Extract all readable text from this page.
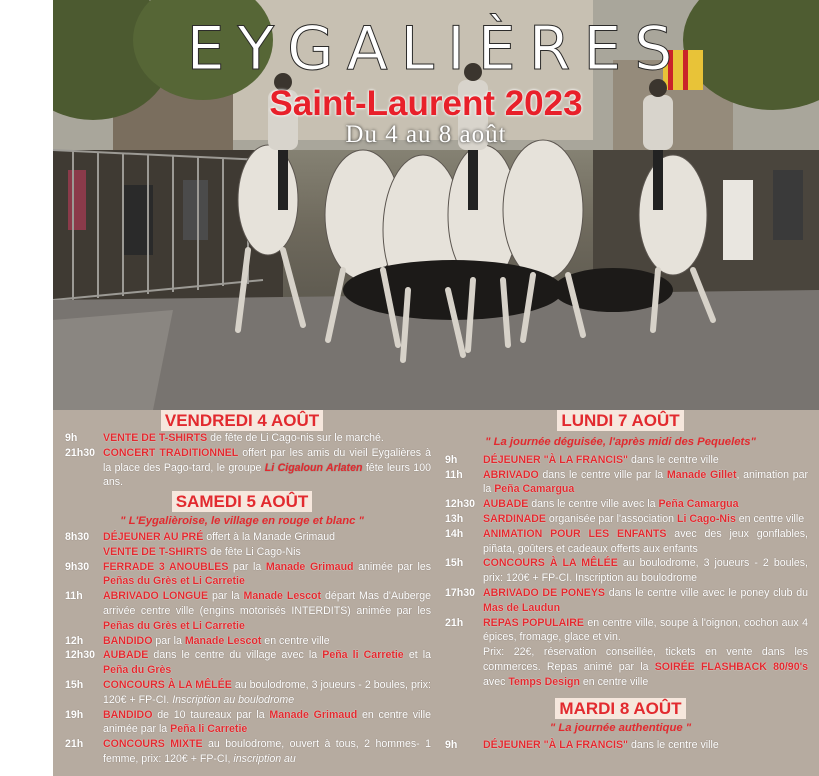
EYGALIÈRES
Saint-Laurent 2023
Du 4 au 8 août
VENDREDI 4 AOÛT
9h	VENTE DE T-SHIRTS de fête de Li Cago-nis sur le marché.
21h30 CONCERT TRADITIONNEL offert par les amis du vieil Eygalières à la place des Pago-tard, le groupe Li Cigaloun Arlaten fête leurs 100 ans.
SAMEDI 5 AOÛT
" L'Eygalièroise, le village en rouge et blanc "
8h30	DÉJEUNER AU PRÉ offert à la Manade Grimaud
VENTE DE T-SHIRTS de fête Li Cago-Nis
9h30	FERRADE 3 ANOUBLES par la Manade Grimaud animée par les Peñas du Grès et Li Carretie
11h	ABRIVADO LONGUE par la Manade Lescot départ Mas d'Auberge arrivée centre ville (engins motorisés INTERDITS) animée par les Peñas du Grès et Li Carretie
12h	BANDIDO par la Manade Lescot en centre ville
12h30 AUBADE dans le centre du village avec la Peña li Carretie et la Peña du Grès
15h	CONCOURS À LA MÊLÉE au boulodrome, 3 joueurs - 2 boules, prix: 120€ + FP-CI. Inscription au boulodrome
19h	BANDIDO de 10 taureaux par la Manade Grimaud en centre ville animée par la Peña li Carretie
21h	CONCOURS MIXTE au boulodrome, ouvert à tous, 2 hommes- 1 femme, prix: 120€ + FP-CI, inscription au
LUNDI 7 AOÛT
" La journée déguisée, l'après midi des Pequelets"
9h	DÉJEUNER "À LA FRANCIS" dans le centre ville
11h	ABRIVADO dans le centre ville par la Manade Gillet, animation par la Peña Camargua
12h30 AUBADE dans le centre ville avec la Peña Camargua
13h	SARDINADE organisée par l'association Li Cago-Nis en centre ville
14h	ANIMATION POUR LES ENFANTS avec des jeux gonflables, piñata, goûters et cadeaux offerts aux enfants
15h	CONCOURS À LA MÊLÉE au boulodrome, 3 joueurs - 2 boules, prix: 120€ + FP-CI. Inscription au boulodrome
17h30 ABRIVADO DE PONEYS dans le centre ville avec le poney club du Mas de Laudun
21h	REPAS POPULAIRE en centre ville, soupe à l'oignon, cochon aux 4 épices, fromage, glace et vin.
Prix: 22€, réservation conseillée, tickets en vente dans les commerces. Repas animé par la SOIRÉE FLASHBACK 80/90's avec Temps Design en centre ville
MARDI 8 AOÛT
" La journée authentique "
9h	DÉJEUNER "À LA FRANCIS" dans le centre ville
